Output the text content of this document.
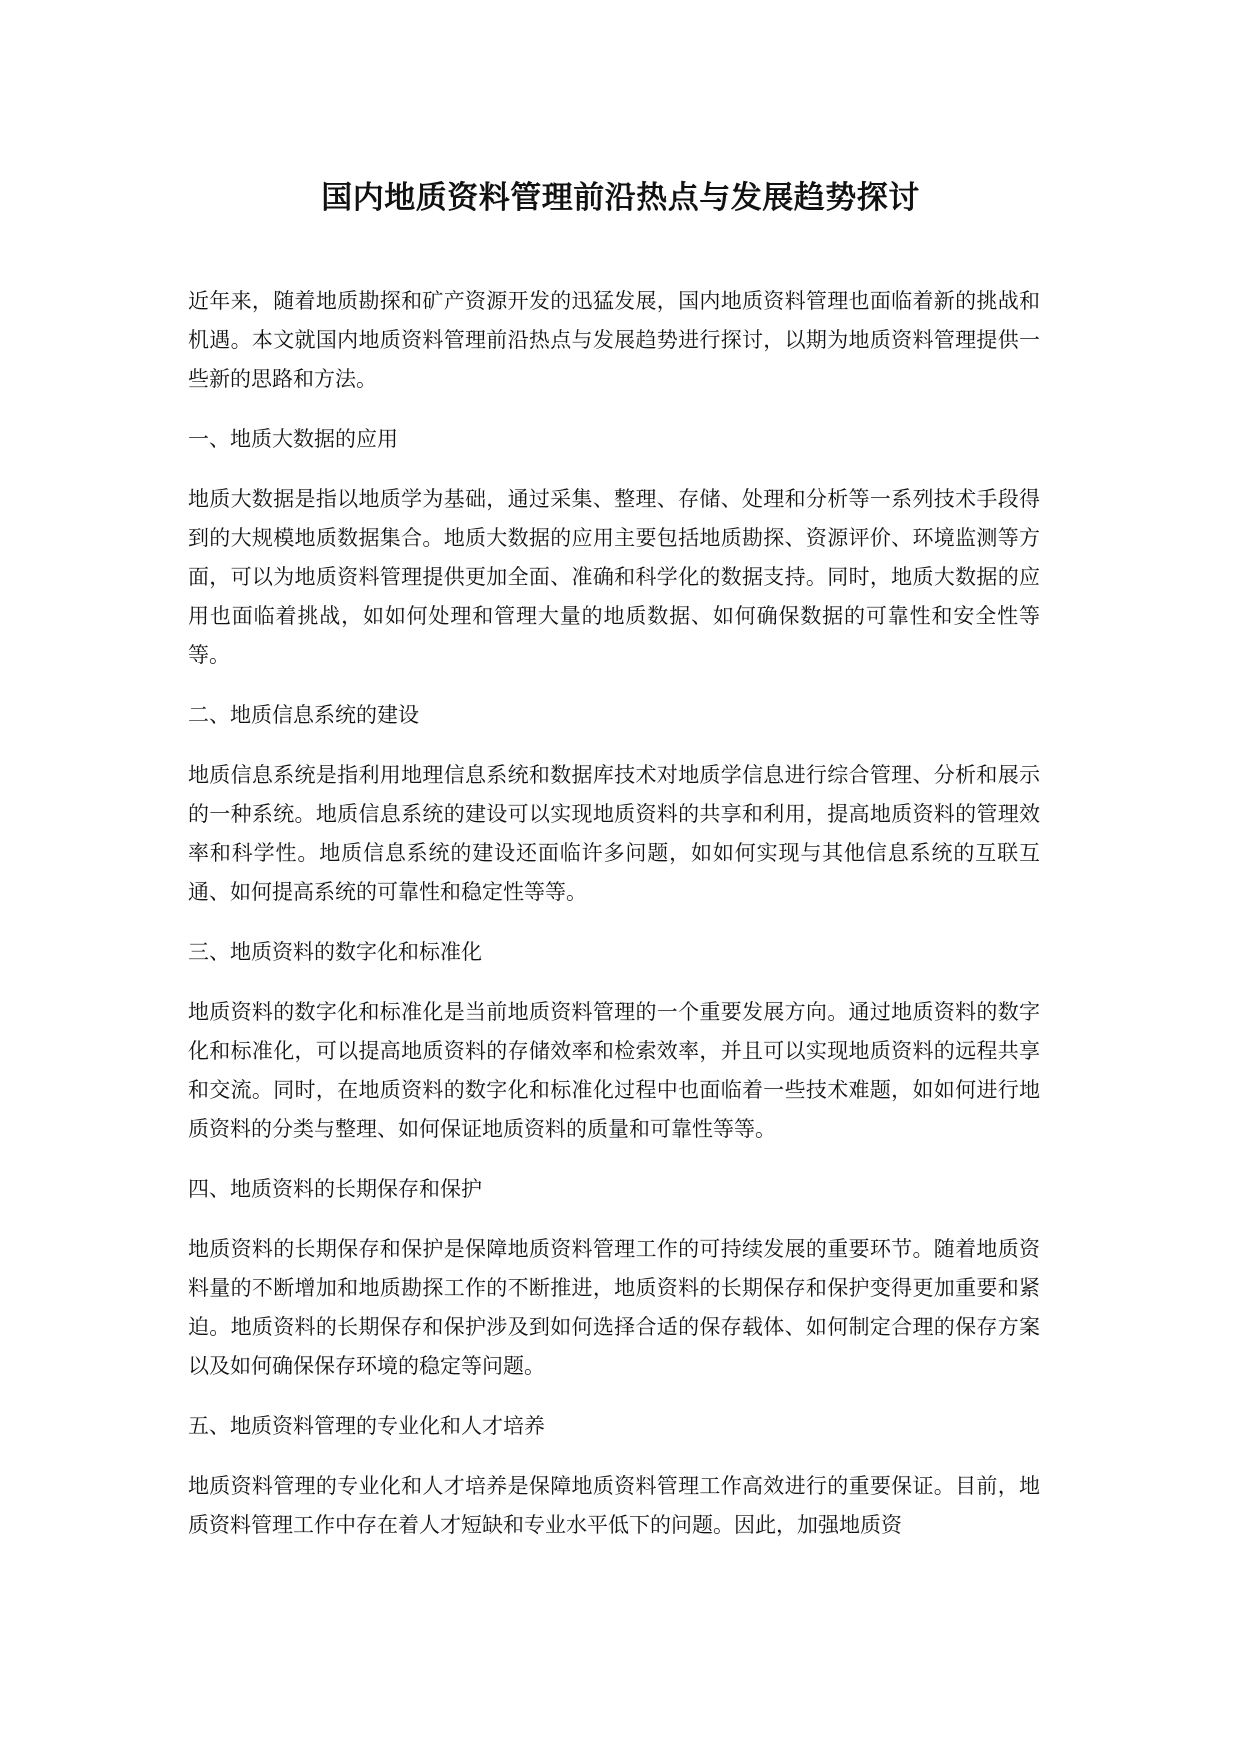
国内地质资料管理前沿热点与发展趋势探讨

近年来，随着地质勘探和矿产资源开发的迅猛发展，国内地质资料管理也面临着新的挑战和机遇。本文就国内地质资料管理前沿热点与发展趋势进行探讨，以期为地质资料管理提供一些新的思路和方法。

一、地质大数据的应用

地质大数据是指以地质学为基础，通过采集、整理、存储、处理和分析等一系列技术手段得到的大规模地质数据集合。地质大数据的应用主要包括地质勘探、资源评价、环境监测等方面，可以为地质资料管理提供更加全面、准确和科学化的数据支持。同时，地质大数据的应用也面临着挑战，如如何处理和管理大量的地质数据、如何确保数据的可靠性和安全性等等。

二、地质信息系统的建设

地质信息系统是指利用地理信息系统和数据库技术对地质学信息进行综合管理、分析和展示的一种系统。地质信息系统的建设可以实现地质资料的共享和利用，提高地质资料的管理效率和科学性。地质信息系统的建设还面临许多问题，如如何实现与其他信息系统的互联互通、如何提高系统的可靠性和稳定性等等。

三、地质资料的数字化和标准化

地质资料的数字化和标准化是当前地质资料管理的一个重要发展方向。通过地质资料的数字化和标准化，可以提高地质资料的存储效率和检索效率，并且可以实现地质资料的远程共享和交流。同时，在地质资料的数字化和标准化过程中也面临着一些技术难题，如如何进行地质资料的分类与整理、如何保证地质资料的质量和可靠性等等。

四、地质资料的长期保存和保护

地质资料的长期保存和保护是保障地质资料管理工作的可持续发展的重要环节。随着地质资料量的不断增加和地质勘探工作的不断推进，地质资料的长期保存和保护变得更加重要和紧迫。地质资料的长期保存和保护涉及到如何选择合适的保存载体、如何制定合理的保存方案以及如何确保保存环境的稳定等问题。

五、地质资料管理的专业化和人才培养

地质资料管理的专业化和人才培养是保障地质资料管理工作高效进行的重要保证。目前，地质资料管理工作中存在着人才短缺和专业水平低下的问题。因此，加强地质资
